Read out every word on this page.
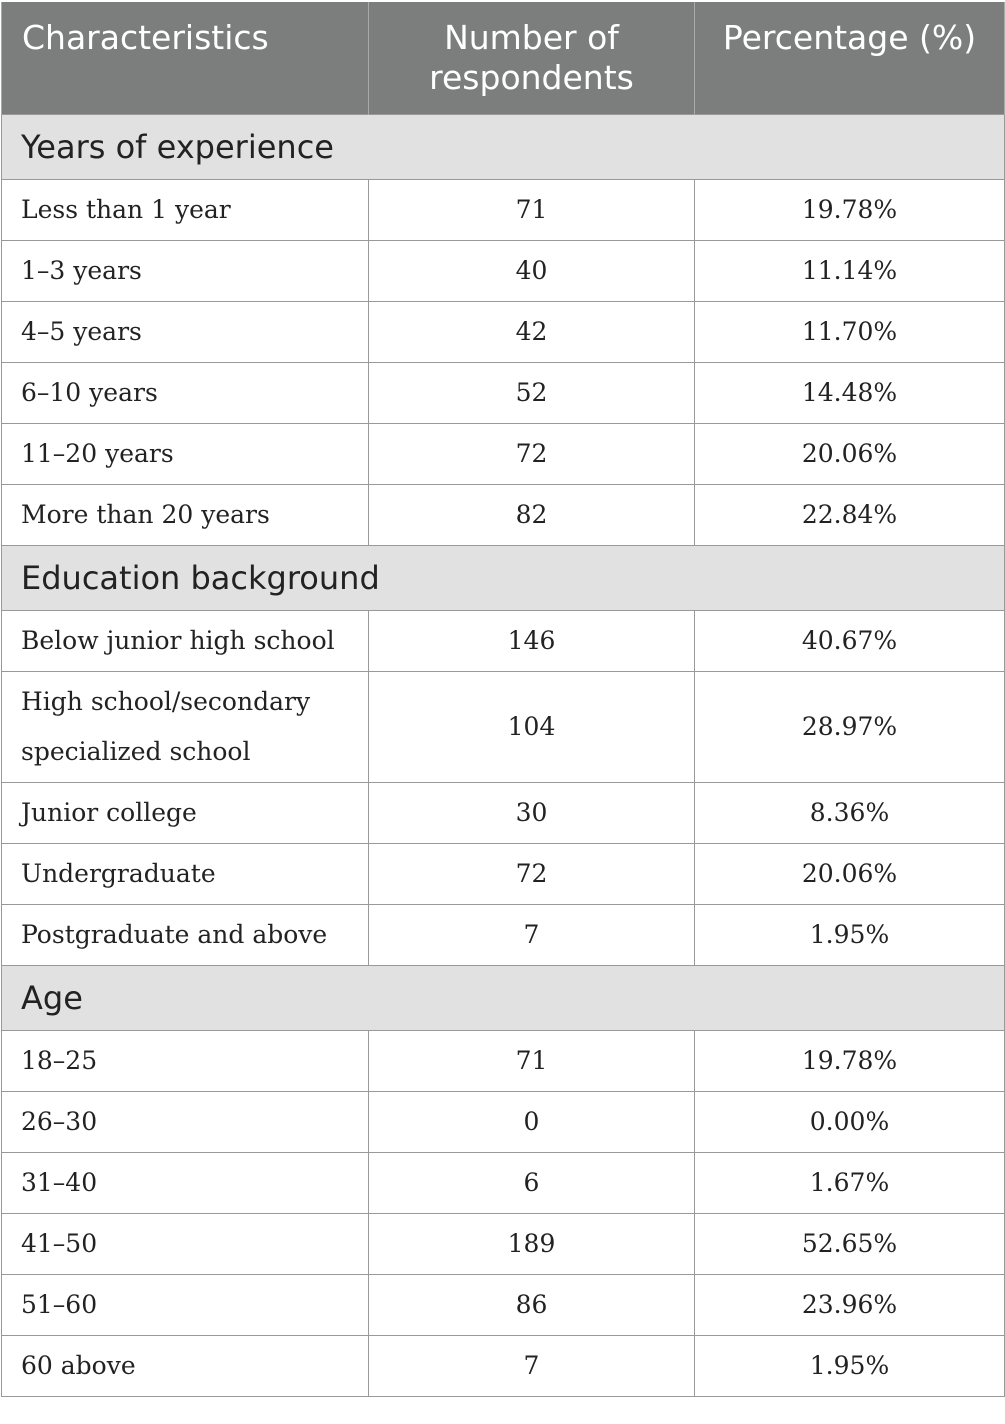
Characteristics	Number of respondents	Percentage (%)
Years of experience		
Less than 1 year	71	19.78%
1–3 years	40	11.14%
4–5 years	42	11.70%
6–10 years	52	14.48%
11–20 years	72	20.06%
More than 20 years	82	22.84%
Education background		
Below junior high school	146	40.67%
High school/secondary specialized school	104	28.97%
Junior college	30	8.36%
Undergraduate	72	20.06%
Postgraduate and above	7	1.95%
Age		
18–25	71	19.78%
26–30	0	0.00%
31–40	6	1.67%
41–50	189	52.65%
51–60	86	23.96%
60 above	7	1.95%
